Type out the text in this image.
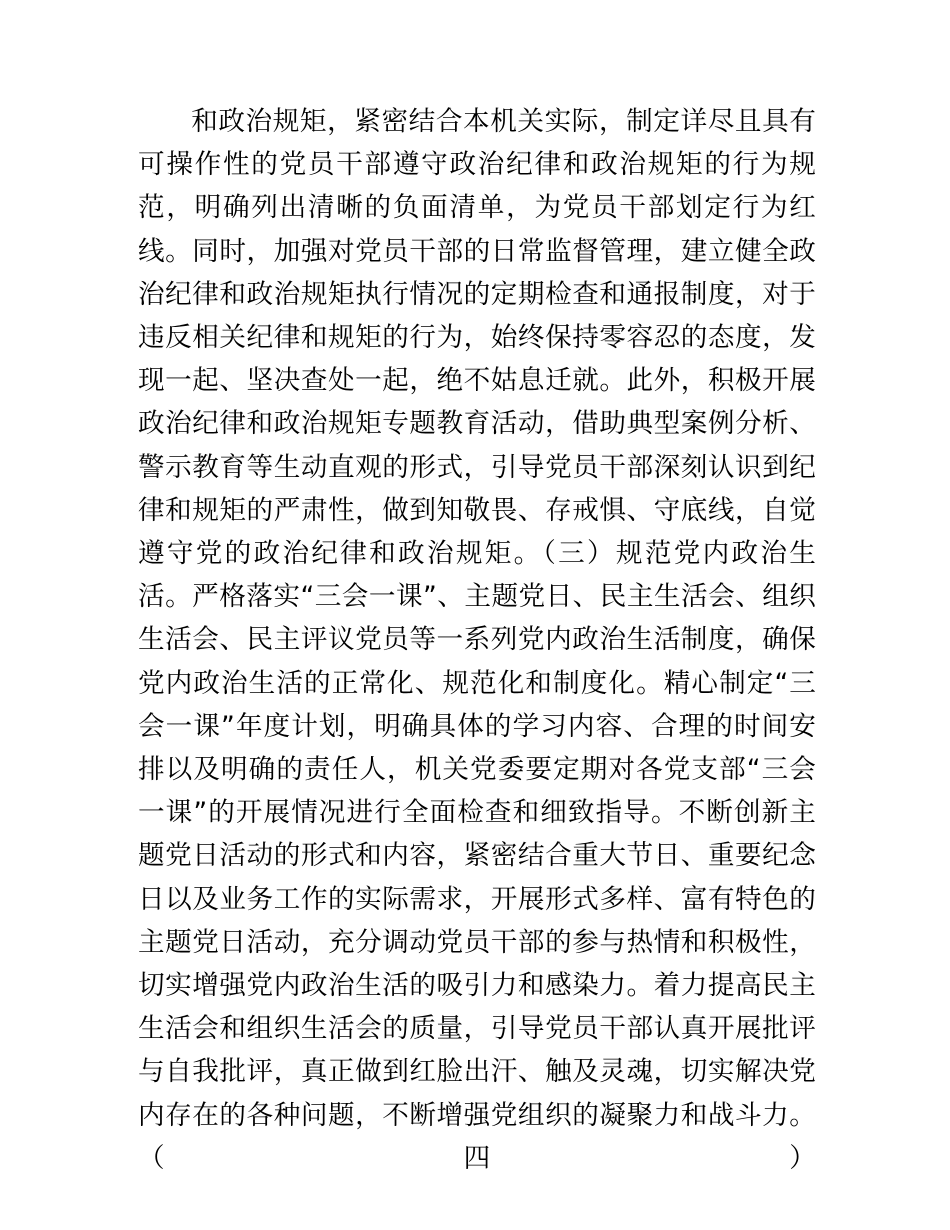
和政治规矩，紧密结合本机关实际，制定详尽且具有可操作性的党员干部遵守政治纪律和政治规矩的行为规范，明确列出清晰的负面清单，为党员干部划定行为红线。同时，加强对党员干部的日常监督管理，建立健全政治纪律和政治规矩执行情况的定期检查和通报制度，对于违反相关纪律和规矩的行为，始终保持零容忍的态度，发现一起、坚决查处一起，绝不姑息迁就。此外，积极开展政治纪律和政治规矩专题教育活动，借助典型案例分析、警示教育等生动直观的形式，引导党员干部深刻认识到纪律和规矩的严肃性，做到知敬畏、存戒惧、守底线，自觉遵守党的政治纪律和政治规矩。（三）规范党内政治生活。严格落实“三会一课”、主题党日、民主生活会、组织生活会、民主评议党员等一系列党内政治生活制度，确保党内政治生活的正常化、规范化和制度化。精心制定“三会一课”年度计划，明确具体的学习内容、合理的时间安排以及明确的责任人，机关党委要定期对各党支部“三会一课”的开展情况进行全面检查和细致指导。不断创新主题党日活动的形式和内容，紧密结合重大节日、重要纪念日以及业务工作的实际需求，开展形式多样、富有特色的主题党日活动，充分调动党员干部的参与热情和积极性，切实增强党内政治生活的吸引力和感染力。着力提高民主生活会和组织生活会的质量，引导党员干部认真开展批评与自我批评，真正做到红脸出汗、触及灵魂，切实解决党内存在的各种问题，不断增强党组织的凝聚力和战斗力。（四）
